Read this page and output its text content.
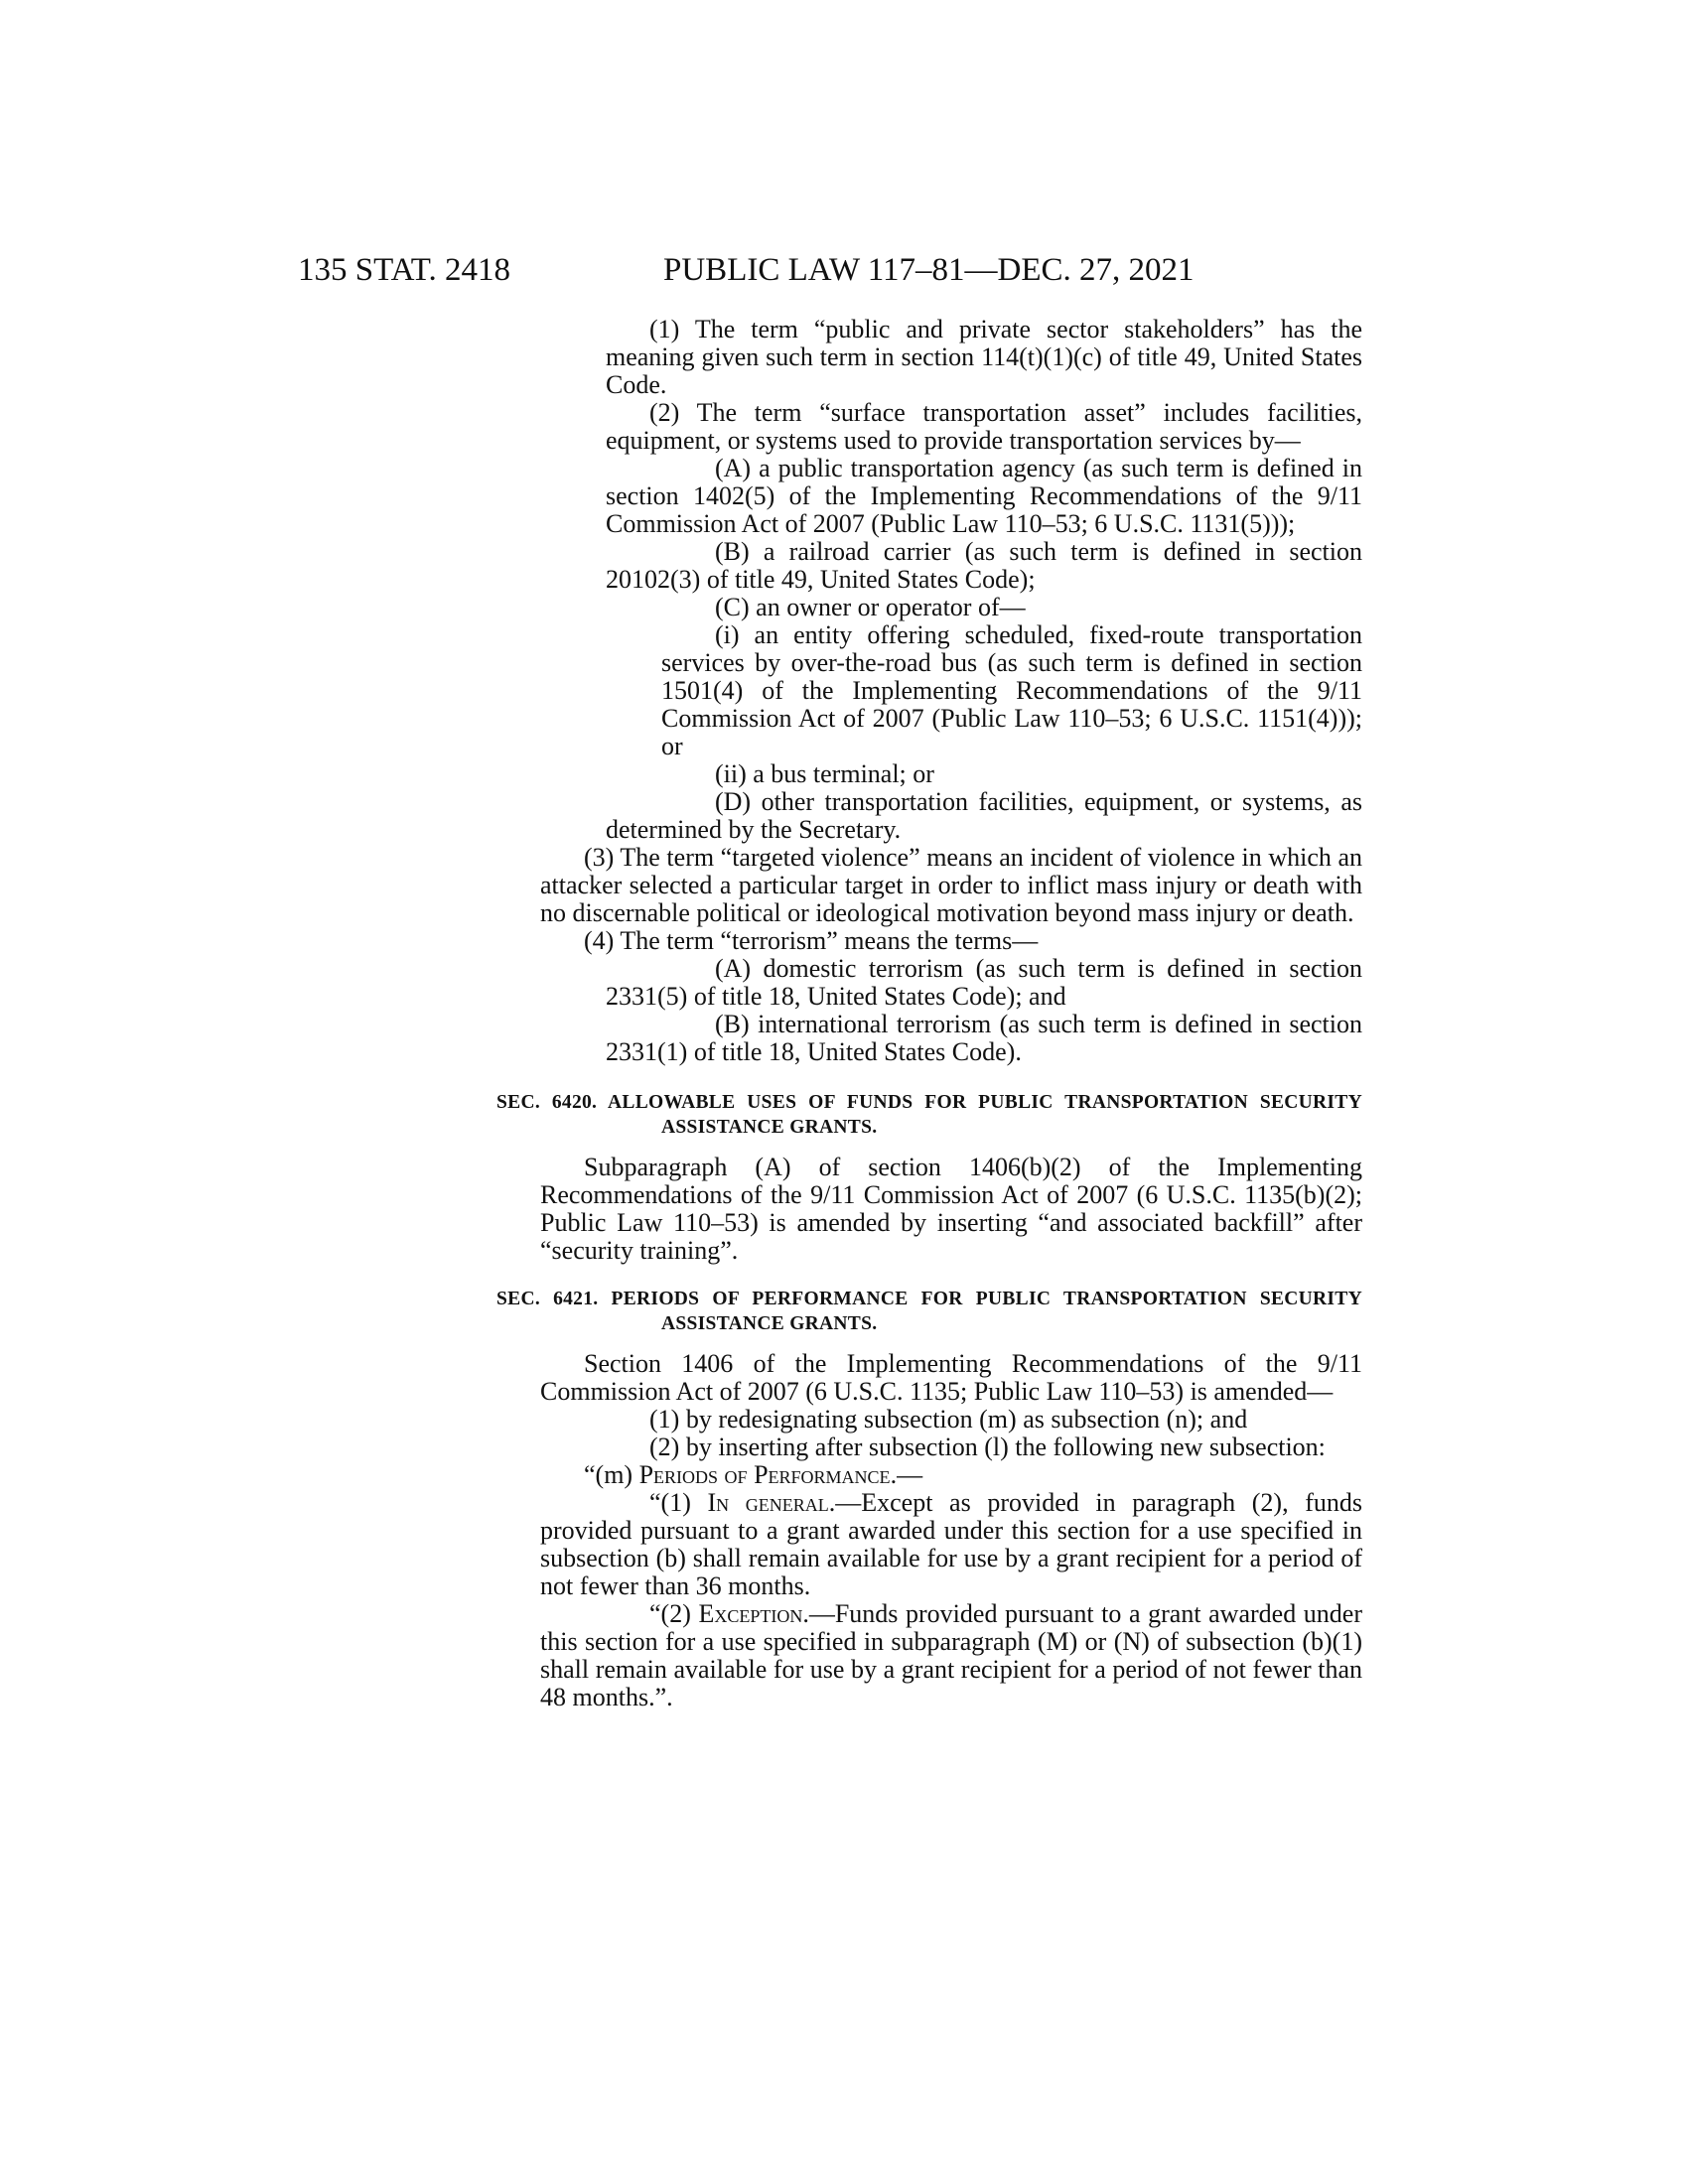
135 STAT. 2418	PUBLIC LAW 117–81—DEC. 27, 2021

(1) The term “public and private sector stakeholders” has the meaning given such term in section 114(t)(1)(c) of title 49, United States Code.

(2) The term “surface transportation asset” includes facilities, equipment, or systems used to provide transportation services by—

(A) a public transportation agency (as such term is defined in section 1402(5) of the Implementing Recommendations of the 9/11 Commission Act of 2007 (Public Law 110–53; 6 U.S.C. 1131(5)));

(B) a railroad carrier (as such term is defined in section 20102(3) of title 49, United States Code);

(C) an owner or operator of—

(i) an entity offering scheduled, fixed-route transportation services by over-the-road bus (as such term is defined in section 1501(4) of the Implementing Recommendations of the 9/11 Commission Act of 2007 (Public Law 110–53; 6 U.S.C. 1151(4))); or

(ii) a bus terminal; or

(D) other transportation facilities, equipment, or systems, as determined by the Secretary.

(3) The term “targeted violence” means an incident of violence in which an attacker selected a particular target in order to inflict mass injury or death with no discernable political or ideological motivation beyond mass injury or death.

(4) The term “terrorism” means the terms—

(A) domestic terrorism (as such term is defined in section 2331(5) of title 18, United States Code); and

(B) international terrorism (as such term is defined in section 2331(1) of title 18, United States Code).

SEC. 6420. ALLOWABLE USES OF FUNDS FOR PUBLIC TRANSPORTATION SECURITY ASSISTANCE GRANTS.

Subparagraph (A) of section 1406(b)(2) of the Implementing Recommendations of the 9/11 Commission Act of 2007 (6 U.S.C. 1135(b)(2); Public Law 110–53) is amended by inserting “and associated backfill” after “security training”.

SEC. 6421. PERIODS OF PERFORMANCE FOR PUBLIC TRANSPORTATION SECURITY ASSISTANCE GRANTS.

Section 1406 of the Implementing Recommendations of the 9/11 Commission Act of 2007 (6 U.S.C. 1135; Public Law 110–53) is amended—

(1) by redesignating subsection (m) as subsection (n); and

(2) by inserting after subsection (l) the following new subsection:

“(m) Periods of Performance.—

“(1) In general.—Except as provided in paragraph (2), funds provided pursuant to a grant awarded under this section for a use specified in subsection (b) shall remain available for use by a grant recipient for a period of not fewer than 36 months.

“(2) Exception.—Funds provided pursuant to a grant awarded under this section for a use specified in subparagraph (M) or (N) of subsection (b)(1) shall remain available for use by a grant recipient for a period of not fewer than 48 months.”.
